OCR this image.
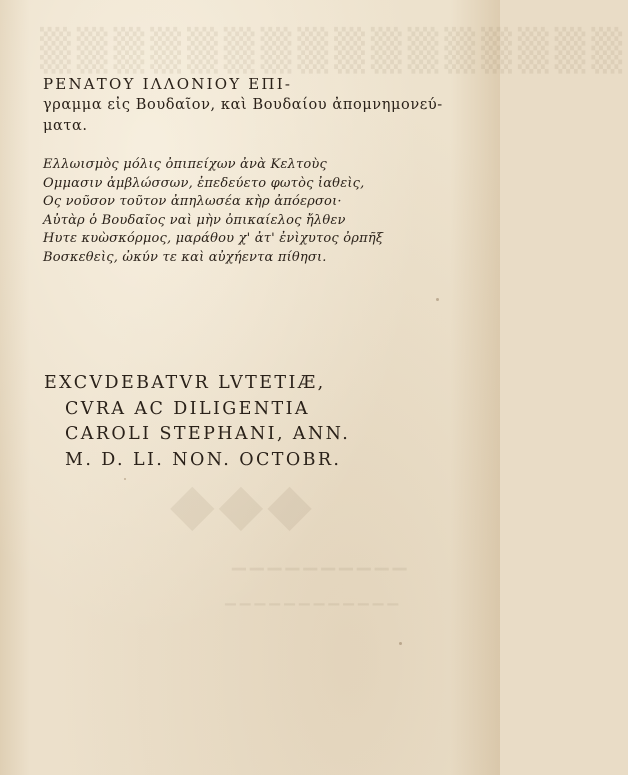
▒▒▒▒▒▒▒▒▒▒▒▒▒▒▒▒
◆◆◆
▁▁▁▁▁▁▁▁▁▁
▁▁▁▁▁▁▁▁▁▁▁▁
ΡΕΝΑΤΟΥ ΙΛΛΟΝΙΟΥ ΕΠΙ-
γραμμα εἰς Βουδαῖον, καὶ Βουδαίου ἀπομνημονεύ-
ματα.
Ελλωισμὸς μόλις ὀπιπείχων ἀνὰ Κελτοὺς
Ομμασιν ἀμβλώσσων, ἐπεδεύετο φωτὸς ἰαθεὶς,
Ος νοῦσον τοῦτον ἀπηλωσέα κὴρ ἀπόερσοι·
Αὐτὰρ ὁ Βουδαῖος ναὶ μὴν ὀπικαίελος ἤλθεν
Ηυτε κυὼσκόρμος, μαράθου χ' ἀτ' ἐνὶχυτος ὀρπῆξ
Βοσκεθεὶς, ὠκύν τε καὶ αὐχήεντα πίθησι.
EXCVDEBATVR LVTETIÆ,
CVRA AC DILIGENTIA
CAROLI STEPHANI, ANN.
M. D. LI. NON. OCTOBR.
